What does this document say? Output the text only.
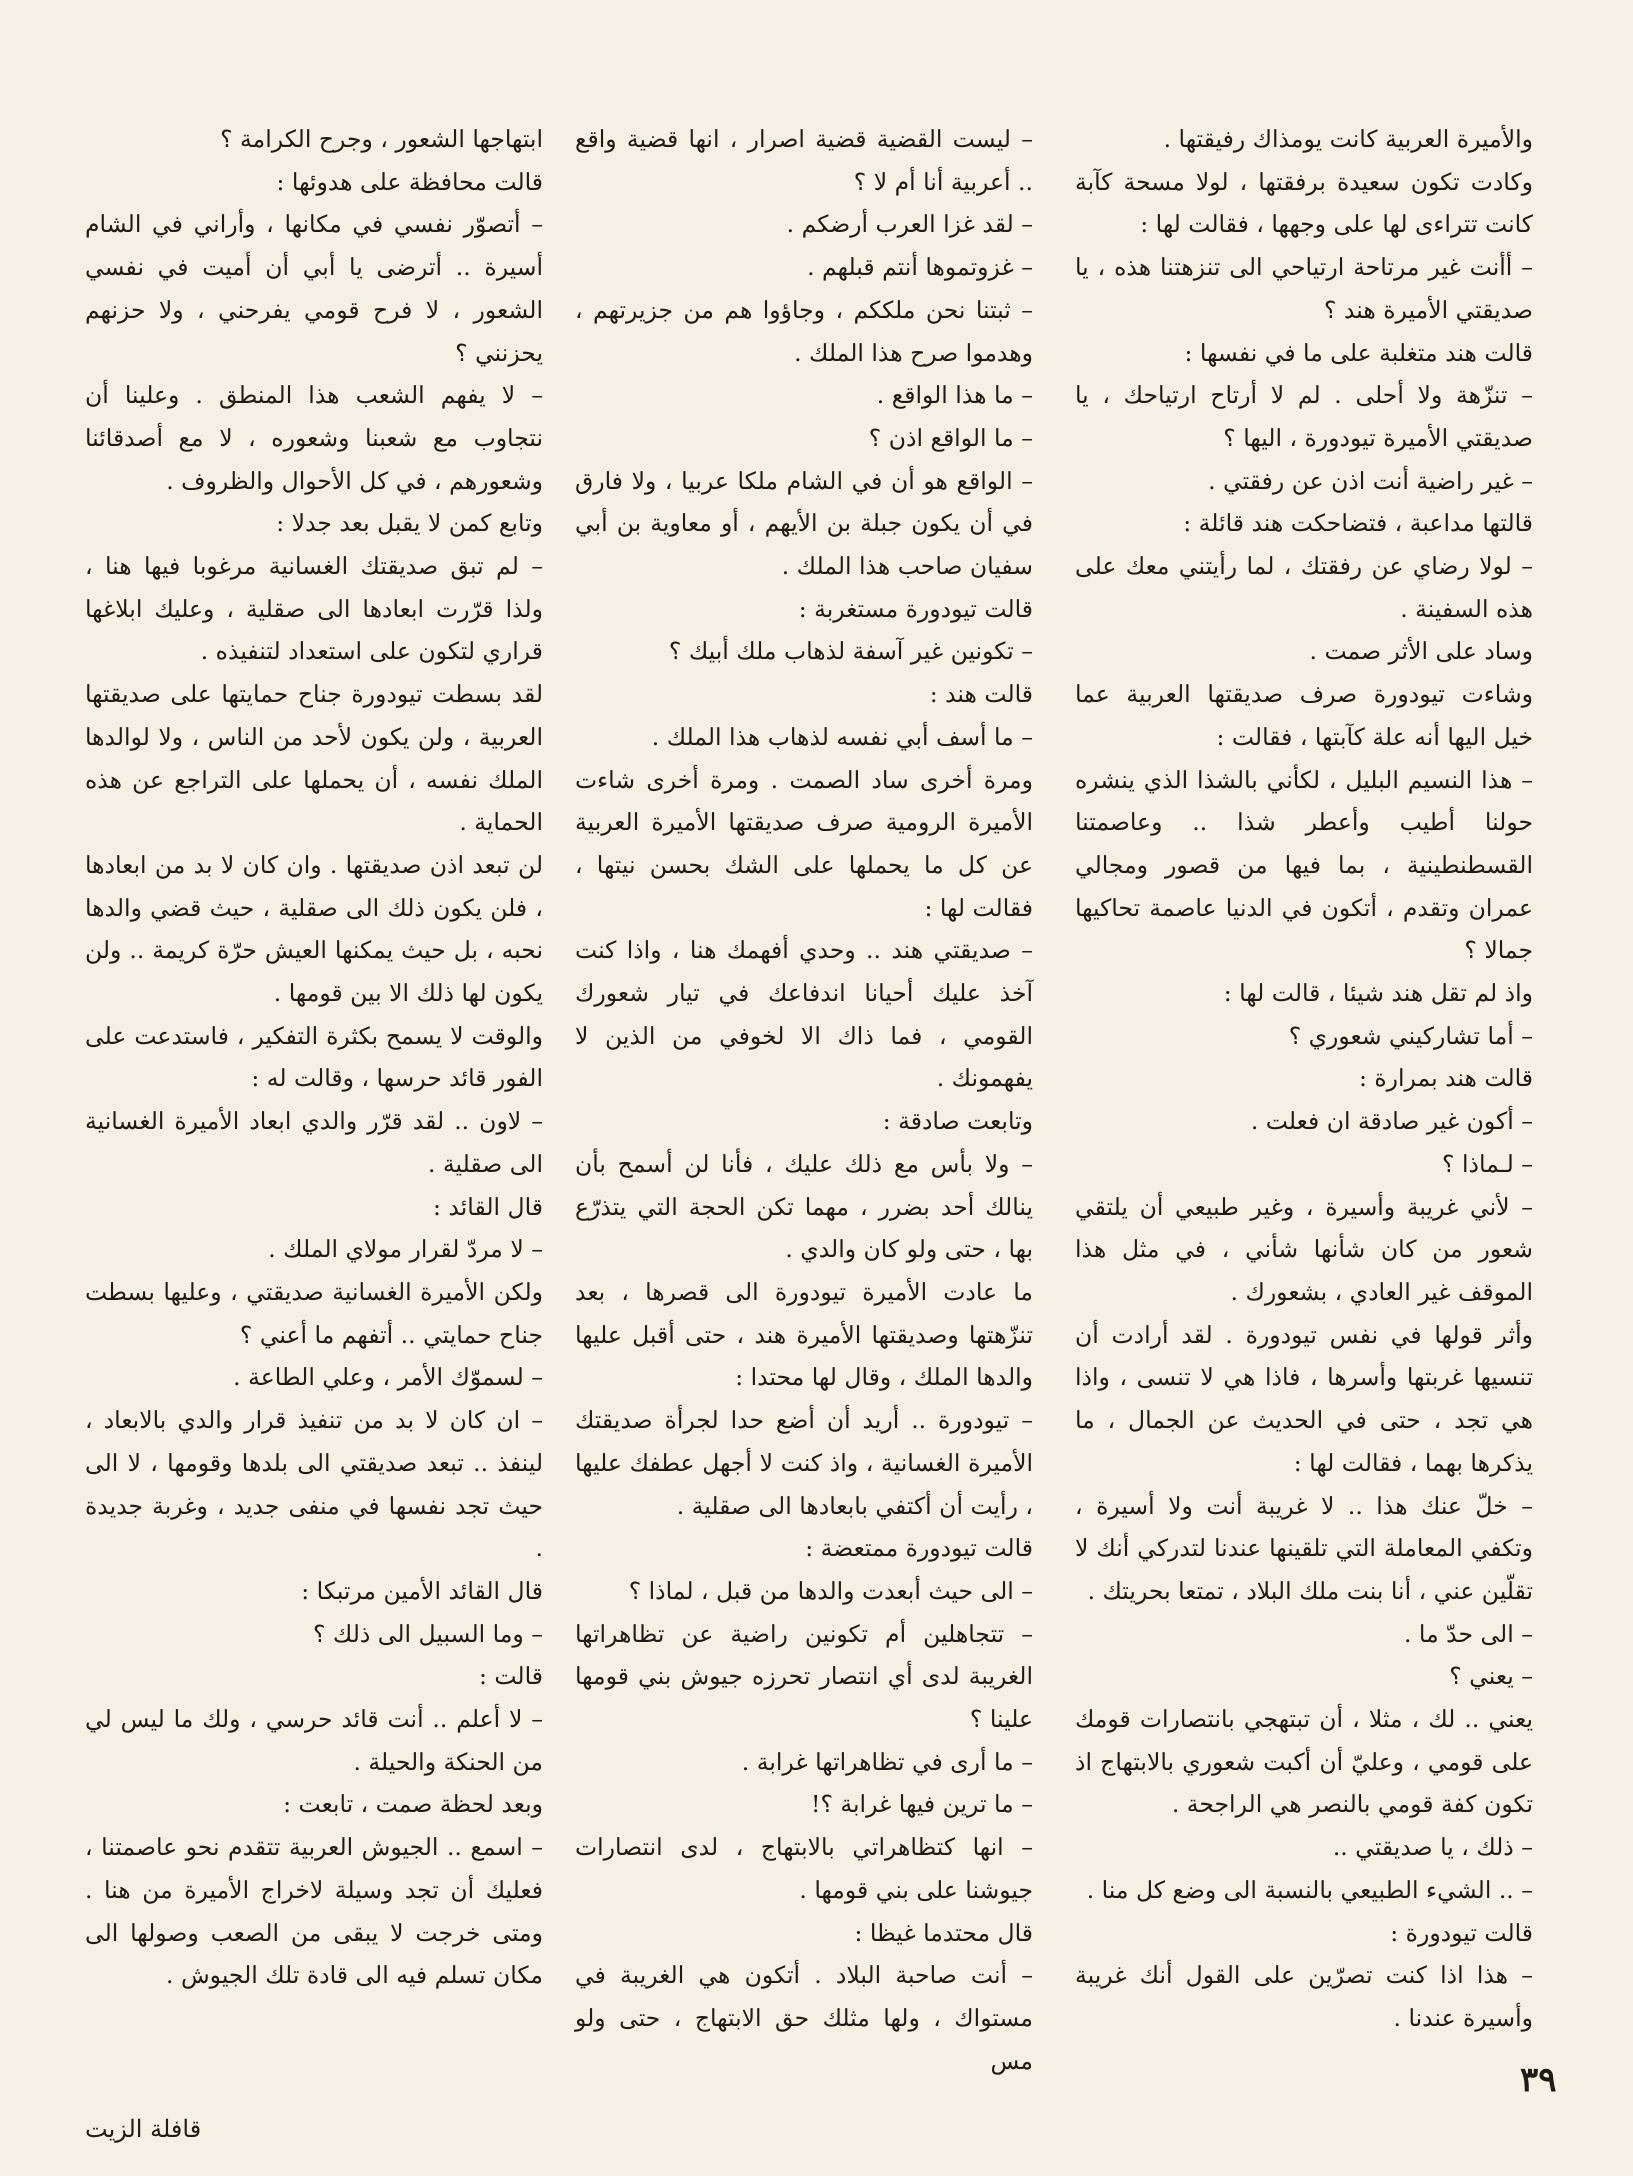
والأميرة العربية كانت يومذاك رفيقتها .

وكادت تكون سعيدة برفقتها ، لولا مسحة كآبة كانت تتراءى لها على وجهها ، فقالت لها :

– أأنت غير مرتاحة ارتياحي الى تنزهتنا هذه ، يا صديقتي الأميرة هند ؟

قالت هند متغلبة على ما في نفسها :

– تنزّهة ولا أحلى . لم لا أرتاح ارتياحك ، يا صديقتي الأميرة تيودورة ، اليها ؟

– غير راضية أنت اذن عن رفقتي .

قالتها مداعبة ، فتضاحكت هند قائلة :

– لولا رضاي عن رفقتك ، لما رأيتني معك على هذه السفينة .

وساد على الأثر صمت .

وشاءت تيودورة صرف صديقتها العربية عما خيل اليها أنه علة كآبتها ، فقالت :

– هذا النسيم البليل ، لكأني بالشذا الذي ينشره حولنا أطيب وأعطر شذا .. وعاصمتنا القسطنطينية ، بما فيها من قصور ومجالي عمران وتقدم ، أتكون في الدنيا عاصمة تحاكيها جمالا ؟

واذ لم تقل هند شيئا ، قالت لها :

– أما تشاركيني شعوري ؟

قالت هند بمرارة :

– أكون غير صادقة ان فعلت .

– لـماذا ؟

– لأني غريبة وأسيرة ، وغير طبيعي أن يلتقي شعور من كان شأنها شأني ، في مثل هذا الموقف غير العادي ، بشعورك .

وأثر قولها في نفس تيودورة . لقد أرادت أن تنسيها غربتها وأسرها ، فاذا هي لا تنسى ، واذا هي تجد ، حتى في الحديث عن الجمال ، ما يذكرها بهما ، فقالت لها :

– خلّ عنك هذا .. لا غريبة أنت ولا أسيرة ، وتكفي المعاملة التي تلقينها عندنا لتدركي أنك لا تقلّين عني ، أنا بنت ملك البلاد ، تمتعا بحريتك .

– الى حدّ ما .

– يعني ؟

يعني .. لك ، مثلا ، أن تبتهجي بانتصارات قومك على قومي ، وعليّ أن أكبت شعوري بالابتهاج اذ تكون كفة قومي بالنصر هي الراجحة .

– ذلك ، يا صديقتي ..

– .. الشيء الطبيعي بالنسبة الى وضع كل منا .

قالت تيودورة :

– هذا اذا كنت تصرّين على القول أنك غريبة وأسيرة عندنا .

– ليست القضية قضية اصرار ، انها قضية واقع .. أعربية أنا أم لا ؟

– لقد غزا العرب أرضكم .

– غزوتموها أنتم قبلهم .

– ثبتنا نحن ملككم ، وجاؤوا هم من جزيرتهم ، وهدموا صرح هذا الملك .

– ما هذا الواقع .

– ما الواقع اذن ؟

– الواقع هو أن في الشام ملكا عربيا ، ولا فارق في أن يكون جبلة بن الأيهم ، أو معاوية بن أبي سفيان صاحب هذا الملك .

قالت تيودورة مستغربة :

– تكونين غير آسفة لذهاب ملك أبيك ؟

قالت هند :

– ما أسف أبي نفسه لذهاب هذا الملك .

ومرة أخرى ساد الصمت . ومرة أخرى شاءت الأميرة الرومية صرف صديقتها الأميرة العربية عن كل ما يحملها على الشك بحسن نيتها ، فقالت لها :

– صديقتي هند .. وحدي أفهمك هنا ، واذا كنت آخذ عليك أحيانا اندفاعك في تيار شعورك القومي ، فما ذاك الا لخوفي من الذين لا يفهمونك .

وتابعت صادقة :

– ولا بأس مع ذلك عليك ، فأنا لن أسمح بأن ينالك أحد بضرر ، مهما تكن الحجة التي يتذرّع بها ، حتى ولو كان والدي .

ما عادت الأميرة تيودورة الى قصرها ، بعد تنزّهتها وصديقتها الأميرة هند ، حتى أقبل عليها والدها الملك ، وقال لها محتدا :

– تيودورة .. أريد أن أضع حدا لجرأة صديقتك الأميرة الغسانية ، واذ كنت لا أجهل عطفك عليها ، رأيت أن أكتفي بابعادها الى صقلية .

قالت تيودورة ممتعضة :

– الى حيث أبعدت والدها من قبل ، لماذا ؟

– تتجاهلين أم تكونين راضية عن تظاهراتها الغريبة لدى أي انتصار تحرزه جيوش بني قومها علينا ؟

– ما أرى في تظاهراتها غرابة .

– ما ترين فيها غرابة ؟!

– انها كتظاهراتي بالابتهاج ، لدى انتصارات جيوشنا على بني قومها .

قال محتدما غيظا :

– أنت صاحبة البلاد . أتكون هي الغريبة في مستواك ، ولها مثلك حق الابتهاج ، حتى ولو مس

ابتهاجها الشعور ، وجرح الكرامة ؟

قالت محافظة على هدوئها :

– أتصوّر نفسي في مكانها ، وأراني في الشام أسيرة .. أترضى يا أبي أن أميت في نفسي الشعور ، لا فرح قومي يفرحني ، ولا حزنهم يحزنني ؟

– لا يفهم الشعب هذا المنطق . وعلينا أن نتجاوب مع شعبنا وشعوره ، لا مع أصدقائنا وشعورهم ، في كل الأحوال والظروف .

وتابع كمن لا يقبل بعد جدلا :

– لم تبق صديقتك الغسانية مرغوبا فيها هنا ، ولذا قرّرت ابعادها الى صقلية ، وعليك ابلاغها قراري لتكون على استعداد لتنفيذه .

لقد بسطت تيودورة جناح حمايتها على صديقتها العربية ، ولن يكون لأحد من الناس ، ولا لوالدها الملك نفسه ، أن يحملها على التراجع عن هذه الحماية .

لن تبعد اذن صديقتها . وان كان لا بد من ابعادها ، فلن يكون ذلك الى صقلية ، حيث قضي والدها نحبه ، بل حيث يمكنها العيش حرّة كريمة .. ولن يكون لها ذلك الا بين قومها .

والوقت لا يسمح بكثرة التفكير ، فاستدعت على الفور قائد حرسها ، وقالت له :

– لاون .. لقد قرّر والدي ابعاد الأميرة الغسانية الى صقلية .

قال القائد :

– لا مردّ لقرار مولاي الملك .

ولكن الأميرة الغسانية صديقتي ، وعليها بسطت جناح حمايتي .. أتفهم ما أعني ؟

– لسموّك الأمر ، وعلي الطاعة .

– ان كان لا بد من تنفيذ قرار والدي بالابعاد ، لينفذ .. تبعد صديقتي الى بلدها وقومها ، لا الى حيث تجد نفسها في منفى جديد ، وغربة جديدة .

قال القائد الأمين مرتبكا :

– وما السبيل الى ذلك ؟

قالت :

– لا أعلم .. أنت قائد حرسي ، ولك ما ليس لي من الحنكة والحيلة .

وبعد لحظة صمت ، تابعت :

– اسمع .. الجيوش العربية تتقدم نحو عاصمتنا ، فعليك أن تجد وسيلة لاخراج الأميرة من هنا . ومتى خرجت لا يبقى من الصعب وصولها الى مكان تسلم فيه الى قادة تلك الجيوش .

٣٩
قافلة الزيت
